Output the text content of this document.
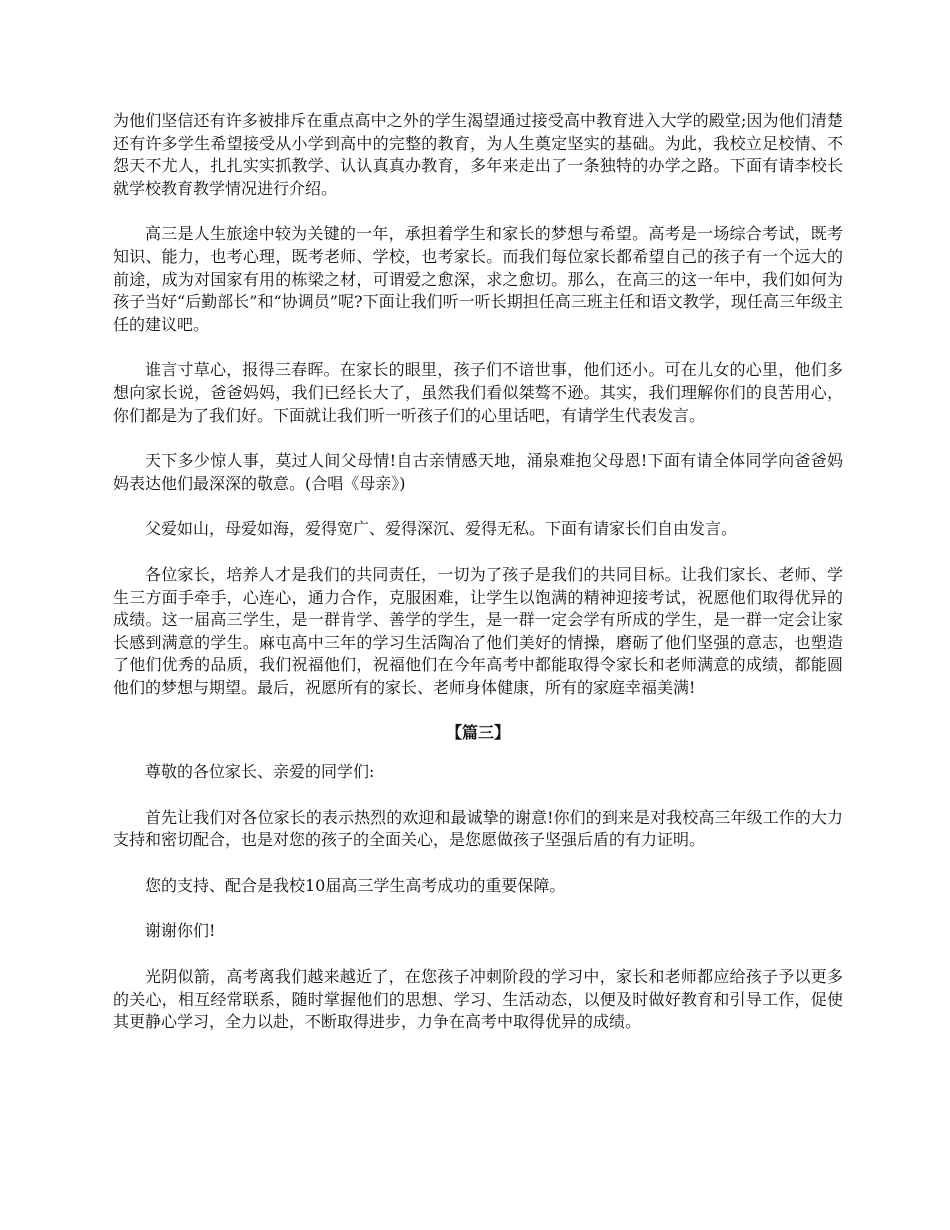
为他们坚信还有许多被排斥在重点高中之外的学生渴望通过接受高中教育进入大学的殿堂;因为他们清楚还有许多学生希望接受从小学到高中的完整的教育，为人生奠定坚实的基础。为此，我校立足校情、不怨天不尤人，扎扎实实抓教学、认认真真办教育，多年来走出了一条独特的办学之路。下面有请李校长就学校教育教学情况进行介绍。

高三是人生旅途中较为关键的一年，承担着学生和家长的梦想与希望。高考是一场综合考试，既考知识、能力，也考心理，既考老师、学校，也考家长。而我们每位家长都希望自己的孩子有一个远大的前途，成为对国家有用的栋梁之材，可谓爱之愈深，求之愈切。那么，在高三的这一年中，我们如何为孩子当好“后勤部长”和“协调员”呢?下面让我们听一听长期担任高三班主任和语文教学，现任高三年级主任的建议吧。

谁言寸草心，报得三春晖。在家长的眼里，孩子们不谙世事，他们还小。可在儿女的心里，他们多想向家长说，爸爸妈妈，我们已经长大了，虽然我们看似桀骜不逊。其实，我们理解你们的良苦用心，你们都是为了我们好。下面就让我们听一听孩子们的心里话吧，有请学生代表发言。

天下多少惊人事，莫过人间父母情!自古亲情感天地，涌泉难抱父母恩!下面有请全体同学向爸爸妈妈表达他们最深深的敬意。(合唱《母亲》)

父爱如山，母爱如海，爱得宽广、爱得深沉、爱得无私。下面有请家长们自由发言。

各位家长，培养人才是我们的共同责任，一切为了孩子是我们的共同目标。让我们家长、老师、学生三方面手牵手，心连心，通力合作，克服困难，让学生以饱满的精神迎接考试，祝愿他们取得优异的成绩。这一届高三学生，是一群肯学、善学的学生，是一群一定会学有所成的学生，是一群一定会让家长感到满意的学生。麻屯高中三年的学习生活陶冶了他们美好的情操，磨砺了他们坚强的意志，也塑造了他们优秀的品质，我们祝福他们，祝福他们在今年高考中都能取得令家长和老师满意的成绩，都能圆他们的梦想与期望。最后，祝愿所有的家长、老师身体健康，所有的家庭幸福美满!

【篇三】

尊敬的各位家长、亲爱的同学们:

首先让我们对各位家长的表示热烈的欢迎和最诚挚的谢意!你们的到来是对我校高三年级工作的大力支持和密切配合，也是对您的孩子的全面关心，是您愿做孩子坚强后盾的有力证明。

您的支持、配合是我校10届高三学生高考成功的重要保障。

谢谢你们!

光阴似箭，高考离我们越来越近了，在您孩子冲刺阶段的学习中，家长和老师都应给孩子予以更多的关心，相互经常联系，随时掌握他们的思想、学习、生活动态，以便及时做好教育和引导工作，促使其更静心学习，全力以赴，不断取得进步，力争在高考中取得优异的成绩。
